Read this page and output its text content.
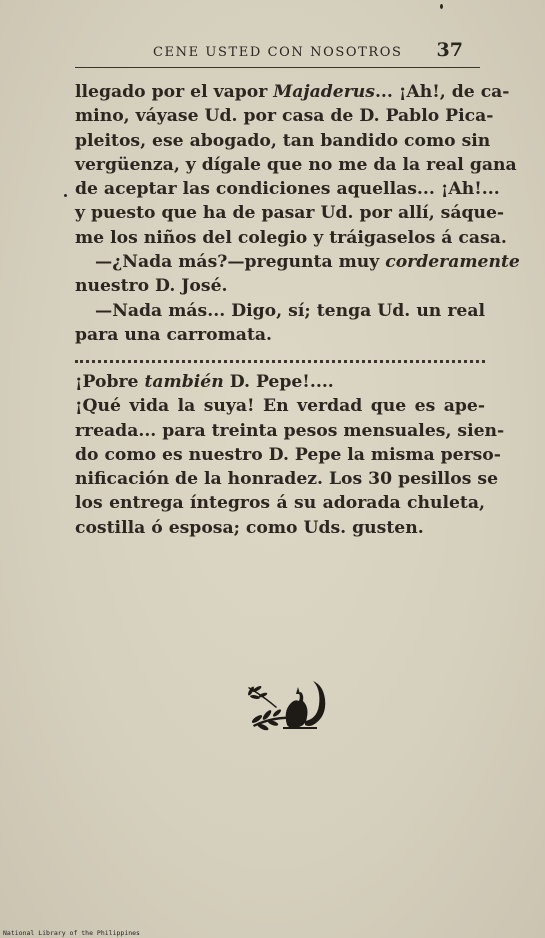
CENE USTED CON NOSOTROS 37
llegado por el vapor Majaderus... ¡Ah!, de ca-
mino, váyase Ud. por casa de D. Pablo Pica-
pleitos, ese abogado, tan bandido como sin
vergüenza, y dígale que no me da la real gana
de aceptar las condiciones aquellas... ¡Ah!...
y puesto que ha de pasar Ud. por allí, sáque-
me los niños del colegio y tráigaselos á casa.
—¿Nada más?—pregunta muy corderamente
nuestro D. José.
—Nada más... Digo, sí; tenga Ud. un real
para una carromata.
¡Pobre también D. Pepe!....
¡Qué vida la suya! En verdad que es ape-
rreada... para treinta pesos mensuales, sien-
do como es nuestro D. Pepe la misma perso-
nificación de la honradez. Los 30 pesillos se
los entrega íntegros á su adorada chuleta,
costilla ó esposa; como Uds. gusten.
National Library of the Philippines
